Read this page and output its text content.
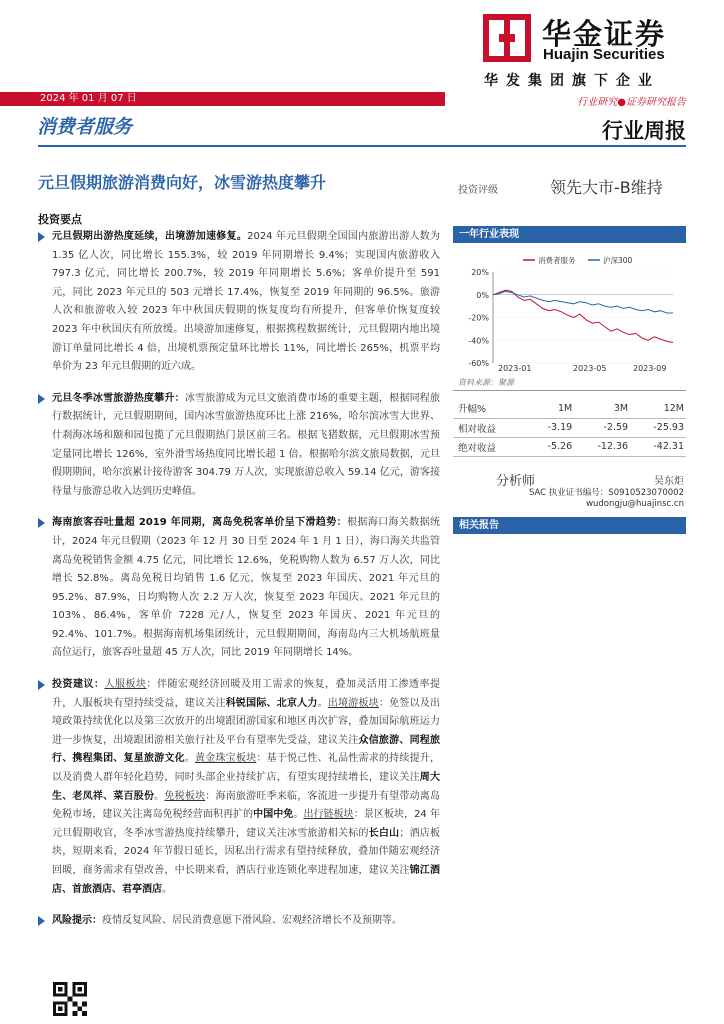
华金证券
Huajin Securities
华发集团旗下企业
2024 年 01 月 07 日	行业研究●证券研究报告
消费者服务	行业周报
元旦假期旅游消费向好，冰雪游热度攀升	投资评级	领先大市-B维持
投资要点
元旦假期出游热度延续，出境游加速修复。2024 年元旦假期全国国内旅游出游人数为 1.35 亿人次，同比增长 155.3%，较 2019 年同期增长 9.4%；实现国内旅游收入 797.3 亿元，同比增长 200.7%，较 2019 年同期增长 5.6%；客单价提升至 591 元，同比 2023 年元旦的 503 元增长 17.4%，恢复至 2019 年同期的 96.5%。旅游人次和旅游收入较 2023 年中秋国庆假期的恢复度均有所提升，但客单价恢复度较 2023 年中秋国庆有所放缓。出境游加速修复，根据携程数据统计，元旦假期内地出境游订单量同比增长 4 倍，出境机票预定量环比增长 11%，同比增长 265%，机票平均单价为 23 年元旦假期的近六成。
元旦冬季冰雪旅游热度攀升：冰雪旅游成为元旦文旅消费市场的重要主题，根据同程旅行数据统计，元旦假期期间，国内冰雪旅游热度环比上涨 216%，哈尔滨冰雪大世界、什刹海冰场和颐和园包揽了元旦假期热门景区前三名。根据飞猪数据，元旦假期冰雪预定量同比增长 126%，室外滑雪场热度同比增长超 1 倍。根据哈尔滨文旅局数据，元旦假期期间，哈尔滨累计接待游客 304.79 万人次，实现旅游总收入 59.14 亿元，游客接待量与旅游总收入达到历史峰值。
海南旅客吞吐量超 2019 年同期，离岛免税客单价呈下滑趋势：根据海口海关数据统计，2024 年元旦假期（2023 年 12 月 30 日至 2024 年 1 月 1 日），海口海关共监管离岛免税销售金额 4.75 亿元，同比增长 12.6%，免税购物人数为 6.57 万人次，同比增长 52.8%。离岛免税日均销售 1.6 亿元，恢复至 2023 年国庆、2021 年元旦的 95.2%、87.9%，日均购物人次 2.2 万人次，恢复至 2023 年国庆、2021 年元旦的 103%、86.4%，客单价 7228 元/人，恢复至 2023 年国庆、2021 年元旦的 92.4%、101.7%。根据海南机场集团统计，元旦假期期间，海南岛内三大机场航班量高位运行，旅客吞吐量超 45 万人次，同比 2019 年同期增长 14%。
投资建议：人服板块：伴随宏观经济回暖及用工需求的恢复，叠加灵活用工渗透率提升，人服板块有望持续受益，建议关注科锐国际、北京人力。出境游板块：免签以及出境政策持续优化以及第三次放开的出境跟团游国家和地区再次扩容，叠加国际航班运力进一步恢复，出境跟团游相关旅行社及平台有望率先受益，建议关注众信旅游、同程旅行、携程集团、复星旅游文化。黄金珠宝板块：基于悦己性、礼品性需求的持续提升，以及消费人群年轻化趋势，同时头部企业持续扩店，有望实现持续增长，建议关注周大生、老凤祥、菜百股份。免税板块：海南旅游旺季来临，客流进一步提升有望带动离岛免税市场，建议关注离岛免税经营面积再扩的中国中免。出行链板块：景区板块，24 年元旦假期收官，冬季冰雪游热度持续攀升，建议关注冰雪旅游相关标的长白山；酒店板块，短期来看，2024 年节假日延长，因私出行需求有望持续释放，叠加伴随宏观经济回暖，商务需求有望改善，中长期来看，酒店行业连锁化率进程加速，建议关注锦江酒店、首旅酒店、君亭酒店。
风险提示：疫情反复风险、居民消费意愿下滑风险、宏观经济增长不及预期等。
一年行业表现
20%
0%
-20%
-40%
-60%
2023-01	2023-05	2023-09
消费者服务	沪深300
资料来源：聚源
升幅%	1M	3M	12M
相对收益	-3.19	-2.59	-25.93
绝对收益	-5.26	-12.36	-42.31
分析师	吴东炬
SAC 执业证书编号：S0910523070002
wudongju@huajinsc.cn
相关报告
